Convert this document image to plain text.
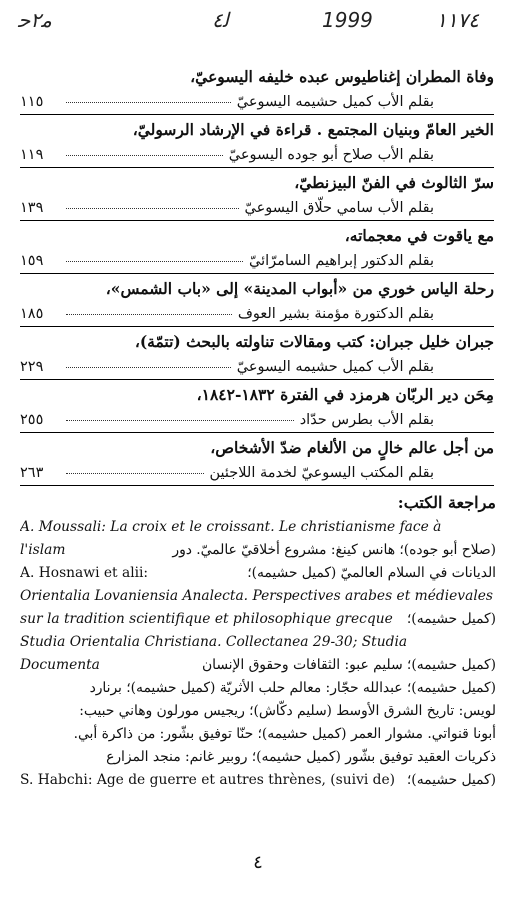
ﻣ٢ﺣ	ﻟ٤	1999	١١٧٤
وفاة المطران إغناطيوس عبده خليفه اليسوعيّ،
بقلم الأب كميل حشيمه اليسوعيّ
١١٥
الخير العامّ وبنيان المجتمع . قراءة في الإرشاد الرسوليّ،
بقلم الأب صلاح أبو جوده اليسوعيّ
١١٩
سرّ الثالوث في الفنّ البيزنطيّ،
بقلم الأب سامي حلّاق اليسوعيّ
١٣٩
مع ياقوت في معجماته،
بقلم الدكتور إبراهيم السامرّائيّ
١٥٩
رحلة الياس خوري من «أبواب المدينة» إلى «باب الشمس»،
بقلم الدكتورة مؤمنة بشير العوف
١٨٥
جبران خليل جبران: كتب ومقالات تناولته بالبحث (تتمّة)،
بقلم الأب كميل حشيمه اليسوعيّ
٢٢٩
مِحَن دير الربّان هرمزد في الفترة ١٨٣٢-١٨٤٢،
بقلم الأب بطرس حدّاد
٢٥٥
من أجل عالم خالٍ من الألغام ضدّ الأشخاص،
بقلم المكتب اليسوعيّ لخدمة اللاجئين
٢٦٣
مراجعة الكتب:
A. Moussali: La croix et le croissant. Le christianisme face à
l'islam	(صلاح أبو جوده)؛ هانس كينغ: مشروع أخلاقيّ عالميّ. دور
A. Hosnawi et alii:	الديانات في السلام العالميّ (كميل حشيمه)؛
Orientalia Lovaniensia Analecta. Perspectives arabes et médievales
sur la tradition scientifique et philosophique grecque (كميل حشيمه)؛
Studia Orientalia Christiana. Collectanea 29-30; Studia
Documenta	(كميل حشيمه)؛ سليم عبو: الثقافات وحقوق الإنسان
(كميل حشيمه)؛ عبدالله حجّار: معالم حلب الأثريّة (كميل حشيمه)؛ برنارد
لويس: تاريخ الشرق الأوسط (سليم دكّاش)؛ ريجيس مورلون وهاني حبيب:
أبونا قنواتي. مشوار العمر (كميل حشيمه)؛ حنّا توفيق بشّور: من ذاكرة أبي.
ذكريات العقيد توفيق بشّور (كميل حشيمه)؛ روبير غانم: منجد المزارع
S. Habchi: Age de guerre et autres thrènes, (suivi de) (كميل حشيمه)؛
٤
